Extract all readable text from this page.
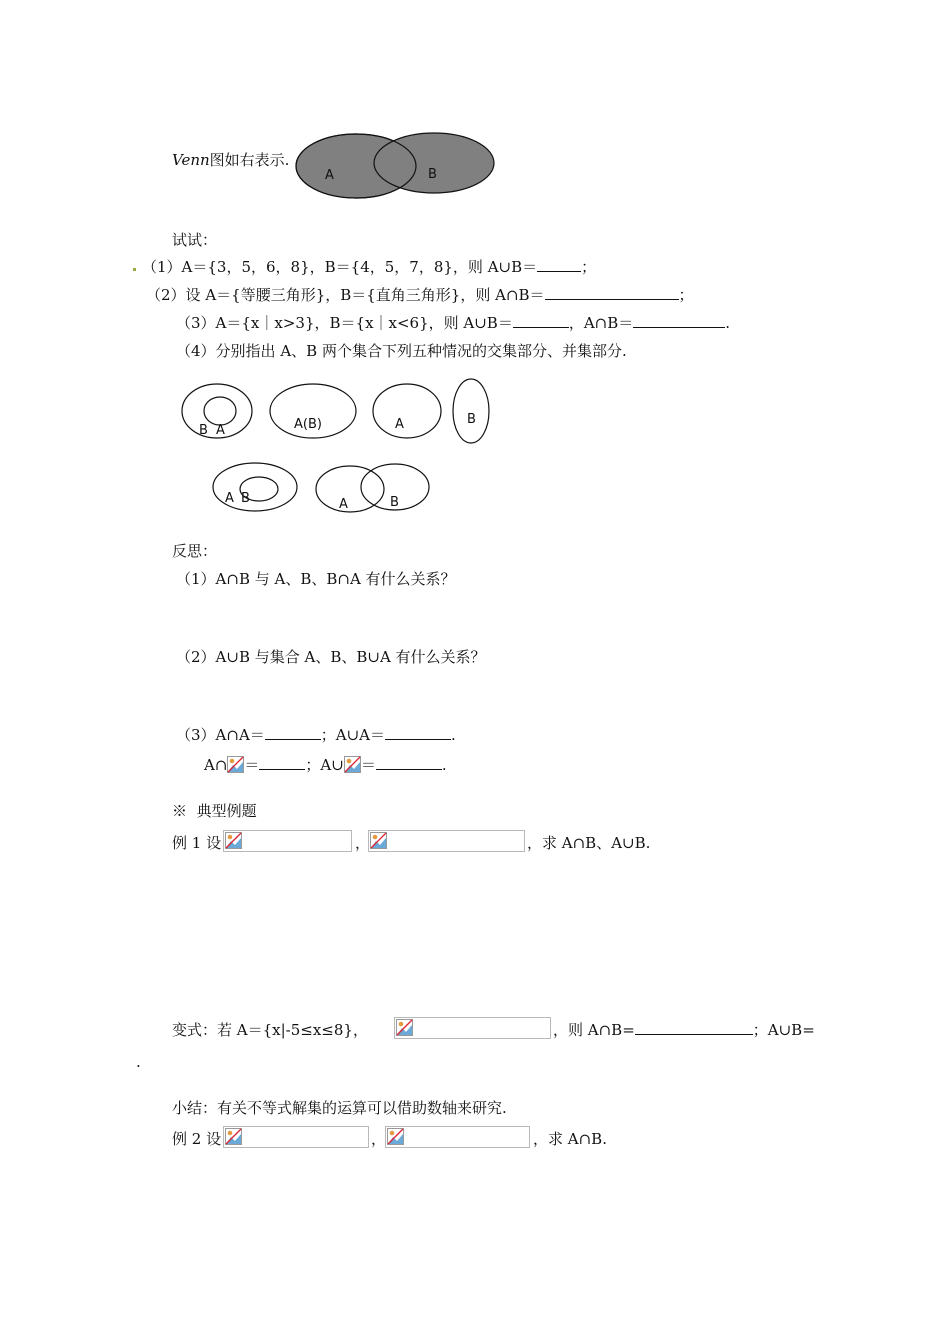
Venn图如右表示.
A	B
B A	A(B)	A	B
A B	A	B
试试：
（1）A＝{3，5，6，8}，B＝{4，5，7，8}，则 A∪B＝	；
（2）设 A＝{等腰三角形}，B＝{直角三角形}，则 A∩B＝	；
（3）A＝{x｜x>3}，B＝{x｜x<6}，则 A∪B＝	，A∩B＝	.
（4）分别指出 A、B 两个集合下列五种情况的交集部分、并集部分.
反思：
（1）A∩B 与 A、B、B∩A 有什么关系？
（2）A∪B 与集合 A、B、B∪A 有什么关系？
（3）A∩A＝	；A∪A＝	.
A∩ ＝	；A∪ ＝	.
※ 典型例题
例 1 设	，	，求 A∩B、A∪B.
变式：若 A＝{x|-5≤x≤8}，	，则 A∩B=	；A∪B=
.
小结：有关不等式解集的运算可以借助数轴来研究.
例 2 设	，	，求 A∩B.
